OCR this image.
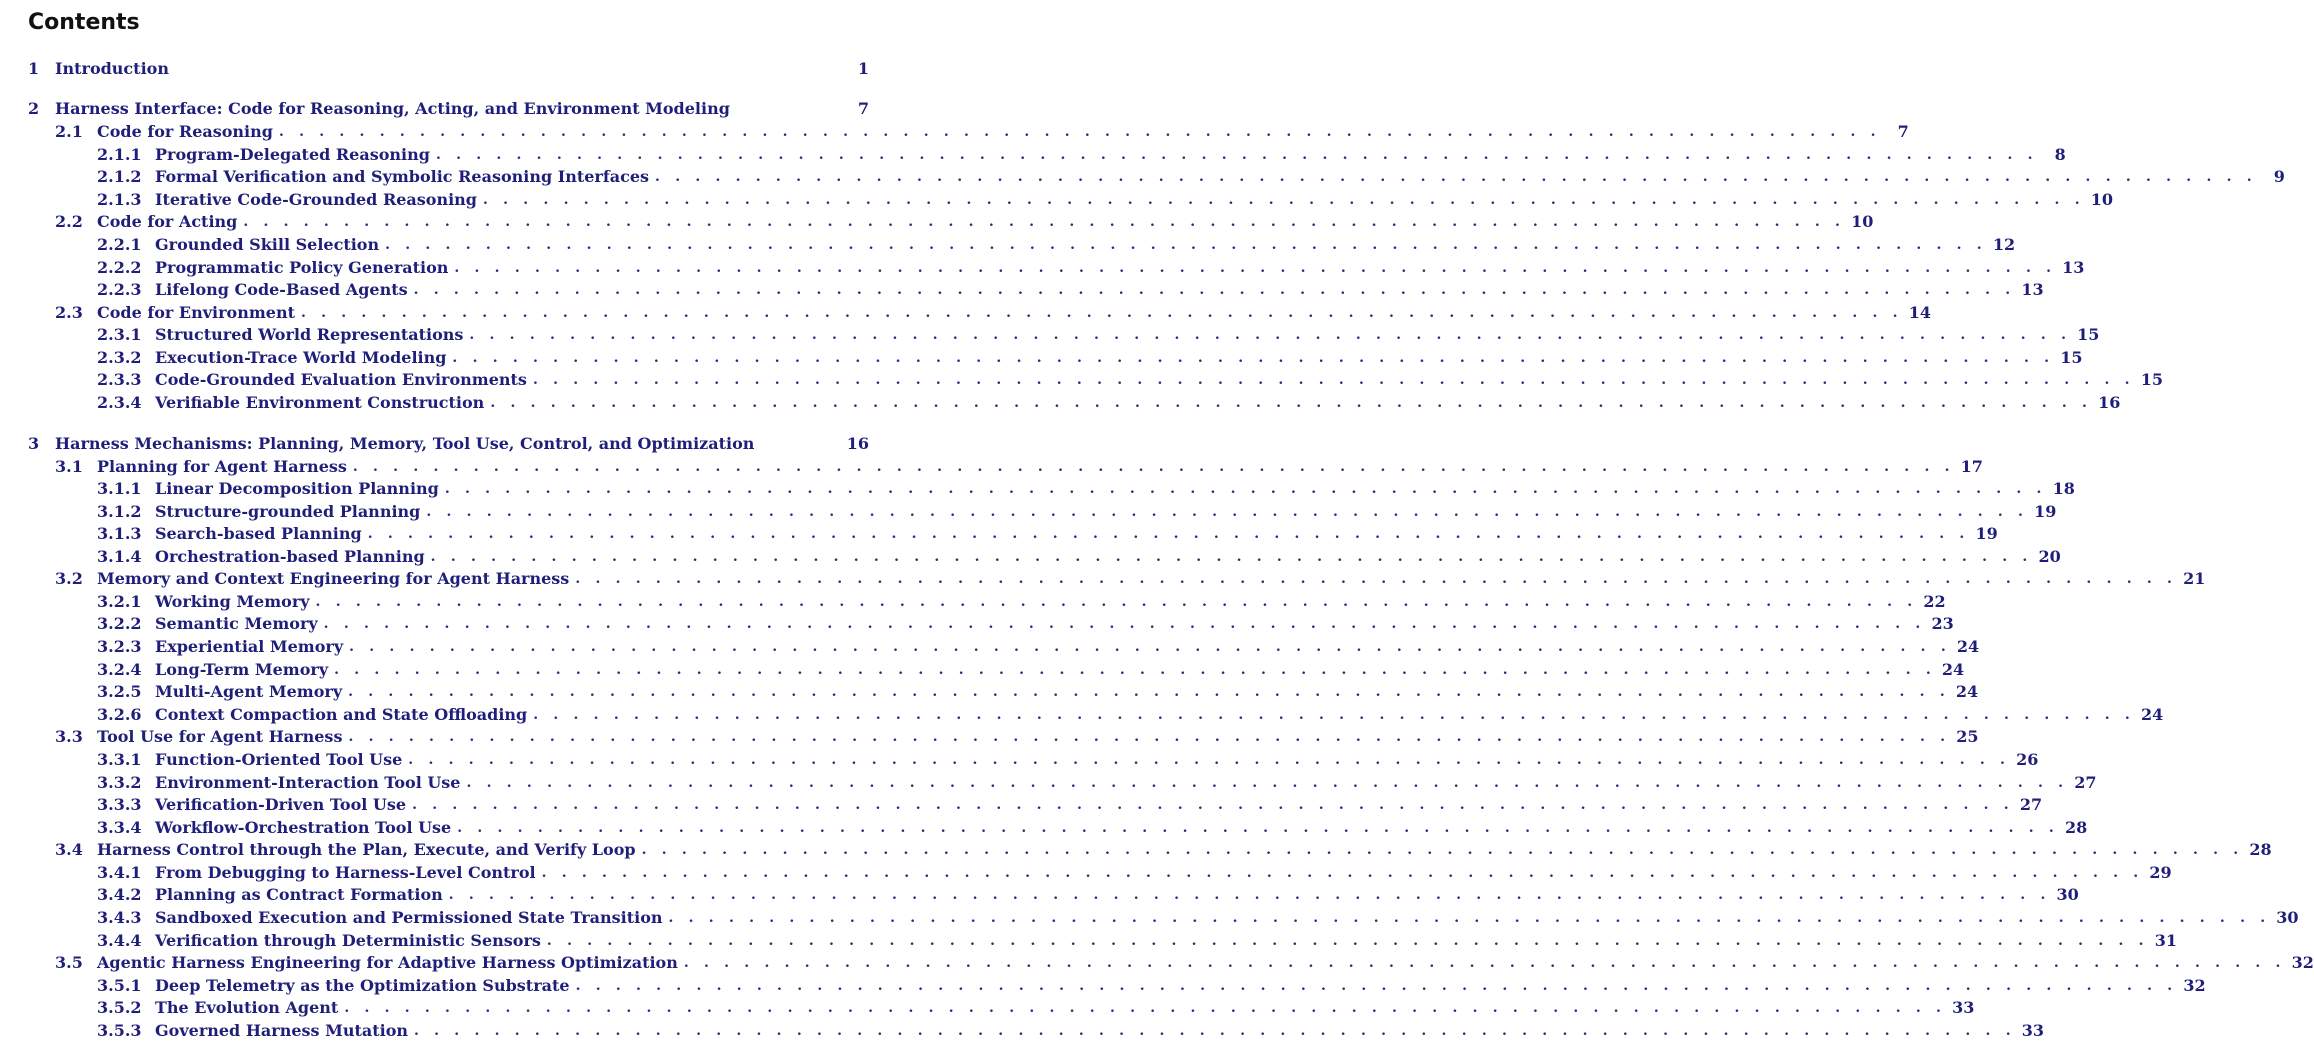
Contents
1 Introduction	1
2 Harness Interface: Code for Reasoning, Acting, and Environment Modeling	7
2.1 Code for Reasoning . . . . . . . . . . . . . . . . . . . . . . . . . . . . . . . . . . . . . . . . . . . . . . . . . . . . . . . . . . . . . . . . . . . . . . . . . . . . . . . .	7
2.1.1 Program-Delegated Reasoning . . . . . . . . . . . . . . . . . . . . . . . . . . . . . . . . . . . . . . . . . . . . . . . . . . . . . . . . . . . . . . . . . . . . . . . . . . . . . . . .	8
2.1.2 Formal Verification and Symbolic Reasoning Interfaces . . . . . . . . . . . . . . . . . . . . . . . . . . . . . . . . . . . . . . . . . . . . . . . . . . . . . . . . . . . . . . . . . . . . . . . . . . . . . . . .	9
2.1.3 Iterative Code-Grounded Reasoning . . . . . . . . . . . . . . . . . . . . . . . . . . . . . . . . . . . . . . . . . . . . . . . . . . . . . . . . . . . . . . . . . . . . . . . . . . . . . . . . 10
2.2 Code for Acting . . . . . . . . . . . . . . . . . . . . . . . . . . . . . . . . . . . . . . . . . . . . . . . . . . . . . . . . . . . . . . . . . . . . . . . . . . . . . . . . 10
2.2.1 Grounded Skill Selection . . . . . . . . . . . . . . . . . . . . . . . . . . . . . . . . . . . . . . . . . . . . . . . . . . . . . . . . . . . . . . . . . . . . . . . . . . . . . . . . 12
2.2.2 Programmatic Policy Generation . . . . . . . . . . . . . . . . . . . . . . . . . . . . . . . . . . . . . . . . . . . . . . . . . . . . . . . . . . . . . . . . . . . . . . . . . . . . . . . . 13
2.2.3 Lifelong Code-Based Agents . . . . . . . . . . . . . . . . . . . . . . . . . . . . . . . . . . . . . . . . . . . . . . . . . . . . . . . . . . . . . . . . . . . . . . . . . . . . . . . . 13
2.3 Code for Environment . . . . . . . . . . . . . . . . . . . . . . . . . . . . . . . . . . . . . . . . . . . . . . . . . . . . . . . . . . . . . . . . . . . . . . . . . . . . . . . . 14
2.3.1 Structured World Representations . . . . . . . . . . . . . . . . . . . . . . . . . . . . . . . . . . . . . . . . . . . . . . . . . . . . . . . . . . . . . . . . . . . . . . . . . . . . . . . . 15
2.3.2 Execution-Trace World Modeling . . . . . . . . . . . . . . . . . . . . . . . . . . . . . . . . . . . . . . . . . . . . . . . . . . . . . . . . . . . . . . . . . . . . . . . . . . . . . . . . 15
2.3.3 Code-Grounded Evaluation Environments . . . . . . . . . . . . . . . . . . . . . . . . . . . . . . . . . . . . . . . . . . . . . . . . . . . . . . . . . . . . . . . . . . . . . . . . . . . . . . . . 15
2.3.4 Verifiable Environment Construction . . . . . . . . . . . . . . . . . . . . . . . . . . . . . . . . . . . . . . . . . . . . . . . . . . . . . . . . . . . . . . . . . . . . . . . . . . . . . . . . 16
3 Harness Mechanisms: Planning, Memory, Tool Use, Control, and Optimization	16
3.1 Planning for Agent Harness . . . . . . . . . . . . . . . . . . . . . . . . . . . . . . . . . . . . . . . . . . . . . . . . . . . . . . . . . . . . . . . . . . . . . . . . . . . . . . . . 17
3.1.1 Linear Decomposition Planning . . . . . . . . . . . . . . . . . . . . . . . . . . . . . . . . . . . . . . . . . . . . . . . . . . . . . . . . . . . . . . . . . . . . . . . . . . . . . . . . 18
3.1.2 Structure-grounded Planning . . . . . . . . . . . . . . . . . . . . . . . . . . . . . . . . . . . . . . . . . . . . . . . . . . . . . . . . . . . . . . . . . . . . . . . . . . . . . . . . 19
3.1.3 Search-based Planning . . . . . . . . . . . . . . . . . . . . . . . . . . . . . . . . . . . . . . . . . . . . . . . . . . . . . . . . . . . . . . . . . . . . . . . . . . . . . . . . 19
3.1.4 Orchestration-based Planning . . . . . . . . . . . . . . . . . . . . . . . . . . . . . . . . . . . . . . . . . . . . . . . . . . . . . . . . . . . . . . . . . . . . . . . . . . . . . . . . 20
3.2 Memory and Context Engineering for Agent Harness . . . . . . . . . . . . . . . . . . . . . . . . . . . . . . . . . . . . . . . . . . . . . . . . . . . . . . . . . . . . . . . . . . . . . . . . . . . . . . . . 21
3.2.1 Working Memory . . . . . . . . . . . . . . . . . . . . . . . . . . . . . . . . . . . . . . . . . . . . . . . . . . . . . . . . . . . . . . . . . . . . . . . . . . . . . . . . 22
3.2.2 Semantic Memory . . . . . . . . . . . . . . . . . . . . . . . . . . . . . . . . . . . . . . . . . . . . . . . . . . . . . . . . . . . . . . . . . . . . . . . . . . . . . . . . 23
3.2.3 Experiential Memory . . . . . . . . . . . . . . . . . . . . . . . . . . . . . . . . . . . . . . . . . . . . . . . . . . . . . . . . . . . . . . . . . . . . . . . . . . . . . . . . 24
3.2.4 Long-Term Memory . . . . . . . . . . . . . . . . . . . . . . . . . . . . . . . . . . . . . . . . . . . . . . . . . . . . . . . . . . . . . . . . . . . . . . . . . . . . . . . . 24
3.2.5 Multi-Agent Memory . . . . . . . . . . . . . . . . . . . . . . . . . . . . . . . . . . . . . . . . . . . . . . . . . . . . . . . . . . . . . . . . . . . . . . . . . . . . . . . . 24
3.2.6 Context Compaction and State Offloading . . . . . . . . . . . . . . . . . . . . . . . . . . . . . . . . . . . . . . . . . . . . . . . . . . . . . . . . . . . . . . . . . . . . . . . . . . . . . . . . 24
3.3 Tool Use for Agent Harness . . . . . . . . . . . . . . . . . . . . . . . . . . . . . . . . . . . . . . . . . . . . . . . . . . . . . . . . . . . . . . . . . . . . . . . . . . . . . . . . 25
3.3.1 Function-Oriented Tool Use . . . . . . . . . . . . . . . . . . . . . . . . . . . . . . . . . . . . . . . . . . . . . . . . . . . . . . . . . . . . . . . . . . . . . . . . . . . . . . . . 26
3.3.2 Environment-Interaction Tool Use . . . . . . . . . . . . . . . . . . . . . . . . . . . . . . . . . . . . . . . . . . . . . . . . . . . . . . . . . . . . . . . . . . . . . . . . . . . . . . . . 27
3.3.3 Verification-Driven Tool Use . . . . . . . . . . . . . . . . . . . . . . . . . . . . . . . . . . . . . . . . . . . . . . . . . . . . . . . . . . . . . . . . . . . . . . . . . . . . . . . . 27
3.3.4 Workflow-Orchestration Tool Use . . . . . . . . . . . . . . . . . . . . . . . . . . . . . . . . . . . . . . . . . . . . . . . . . . . . . . . . . . . . . . . . . . . . . . . . . . . . . . . . 28
3.4 Harness Control through the Plan, Execute, and Verify Loop . . . . . . . . . . . . . . . . . . . . . . . . . . . . . . . . . . . . . . . . . . . . . . . . . . . . . . . . . . . . . . . . . . . . . . . . . . . . . . . . 28
3.4.1 From Debugging to Harness-Level Control . . . . . . . . . . . . . . . . . . . . . . . . . . . . . . . . . . . . . . . . . . . . . . . . . . . . . . . . . . . . . . . . . . . . . . . . . . . . . . . . 29
3.4.2 Planning as Contract Formation . . . . . . . . . . . . . . . . . . . . . . . . . . . . . . . . . . . . . . . . . . . . . . . . . . . . . . . . . . . . . . . . . . . . . . . . . . . . . . . . 30
3.4.3 Sandboxed Execution and Permissioned State Transition . . . . . . . . . . . . . . . . . . . . . . . . . . . . . . . . . . . . . . . . . . . . . . . . . . . . . . . . . . . . . . . . . . . . . . . . . . . . . . . . 30
3.4.4 Verification through Deterministic Sensors . . . . . . . . . . . . . . . . . . . . . . . . . . . . . . . . . . . . . . . . . . . . . . . . . . . . . . . . . . . . . . . . . . . . . . . . . . . . . . . . 31
3.5 Agentic Harness Engineering for Adaptive Harness Optimization . . . . . . . . . . . . . . . . . . . . . . . . . . . . . . . . . . . . . . . . . . . . . . . . . . . . . . . . . . . . . . . . . . . . . . . . . . . . . . . . 32
3.5.1 Deep Telemetry as the Optimization Substrate . . . . . . . . . . . . . . . . . . . . . . . . . . . . . . . . . . . . . . . . . . . . . . . . . . . . . . . . . . . . . . . . . . . . . . . . . . . . . . . . 32
3.5.2 The Evolution Agent . . . . . . . . . . . . . . . . . . . . . . . . . . . . . . . . . . . . . . . . . . . . . . . . . . . . . . . . . . . . . . . . . . . . . . . . . . . . . . . . 33
3.5.3 Governed Harness Mutation . . . . . . . . . . . . . . . . . . . . . . . . . . . . . . . . . . . . . . . . . . . . . . . . . . . . . . . . . . . . . . . . . . . . . . . . . . . . . . . . 33
